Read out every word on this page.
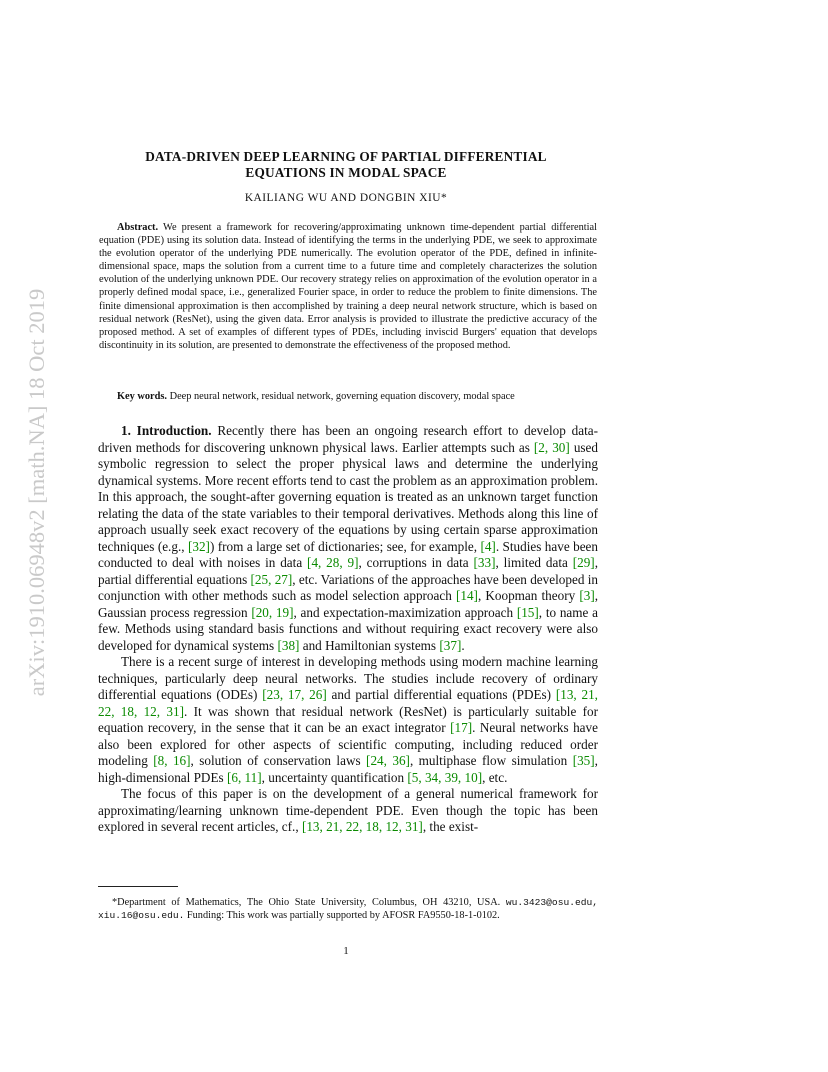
arXiv:1910.06948v2 [math.NA] 18 Oct 2019
DATA-DRIVEN DEEP LEARNING OF PARTIAL DIFFERENTIAL
EQUATIONS IN MODAL SPACE
KAILIANG WU AND DONGBIN XIU*
Abstract. We present a framework for recovering/approximating unknown time-dependent partial differential equation (PDE) using its solution data. Instead of identifying the terms in the underlying PDE, we seek to approximate the evolution operator of the underlying PDE numerically. The evolution operator of the PDE, defined in infinite-dimensional space, maps the solution from a current time to a future time and completely characterizes the solution evolution of the underlying unknown PDE. Our recovery strategy relies on approximation of the evolution operator in a properly defined modal space, i.e., generalized Fourier space, in order to reduce the problem to finite dimensions. The finite dimensional approximation is then accomplished by training a deep neural network structure, which is based on residual network (ResNet), using the given data. Error analysis is provided to illustrate the predictive accuracy of the proposed method. A set of examples of different types of PDEs, including inviscid Burgers' equation that develops discontinuity in its solution, are presented to demonstrate the effectiveness of the proposed method.
Key words. Deep neural network, residual network, governing equation discovery, modal space

1. Introduction. Recently there has been an ongoing research effort to develop data-driven methods for discovering unknown physical laws. Earlier attempts such as [2, 30] used symbolic regression to select the proper physical laws and determine the underlying dynamical systems. More recent efforts tend to cast the problem as an approximation problem. In this approach, the sought-after governing equation is treated as an unknown target function relating the data of the state variables to their temporal derivatives. Methods along this line of approach usually seek exact recovery of the equations by using certain sparse approximation techniques (e.g., [32]) from a large set of dictionaries; see, for example, [4]. Studies have been conducted to deal with noises in data [4, 28, 9], corruptions in data [33], limited data [29], partial differential equations [25, 27], etc. Variations of the approaches have been developed in conjunction with other methods such as model selection approach [14], Koopman theory [3], Gaussian process regression [20, 19], and expectation-maximization approach [15], to name a few. Methods using standard basis functions and without requiring exact recovery were also developed for dynamical systems [38] and Hamiltonian systems [37].

There is a recent surge of interest in developing methods using modern machine learning techniques, particularly deep neural networks. The studies include recovery of ordinary differential equations (ODEs) [23, 17, 26] and partial differential equations (PDEs) [13, 21, 22, 18, 12, 31]. It was shown that residual network (ResNet) is particularly suitable for equation recovery, in the sense that it can be an exact integrator [17]. Neural networks have also been explored for other aspects of scientific computing, including reduced order modeling [8, 16], solution of conservation laws [24, 36], multiphase flow simulation [35], high-dimensional PDEs [6, 11], uncertainty quantification [5, 34, 39, 10], etc.

The focus of this paper is on the development of a general numerical framework for approximating/learning unknown time-dependent PDE. Even though the topic has been explored in several recent articles, cf., [13, 21, 22, 18, 12, 31], the exist-

*Department of Mathematics, The Ohio State University, Columbus, OH 43210, USA. wu.3423@osu.edu, xiu.16@osu.edu. Funding: This work was partially supported by AFOSR FA9550-18-1-0102.
1
